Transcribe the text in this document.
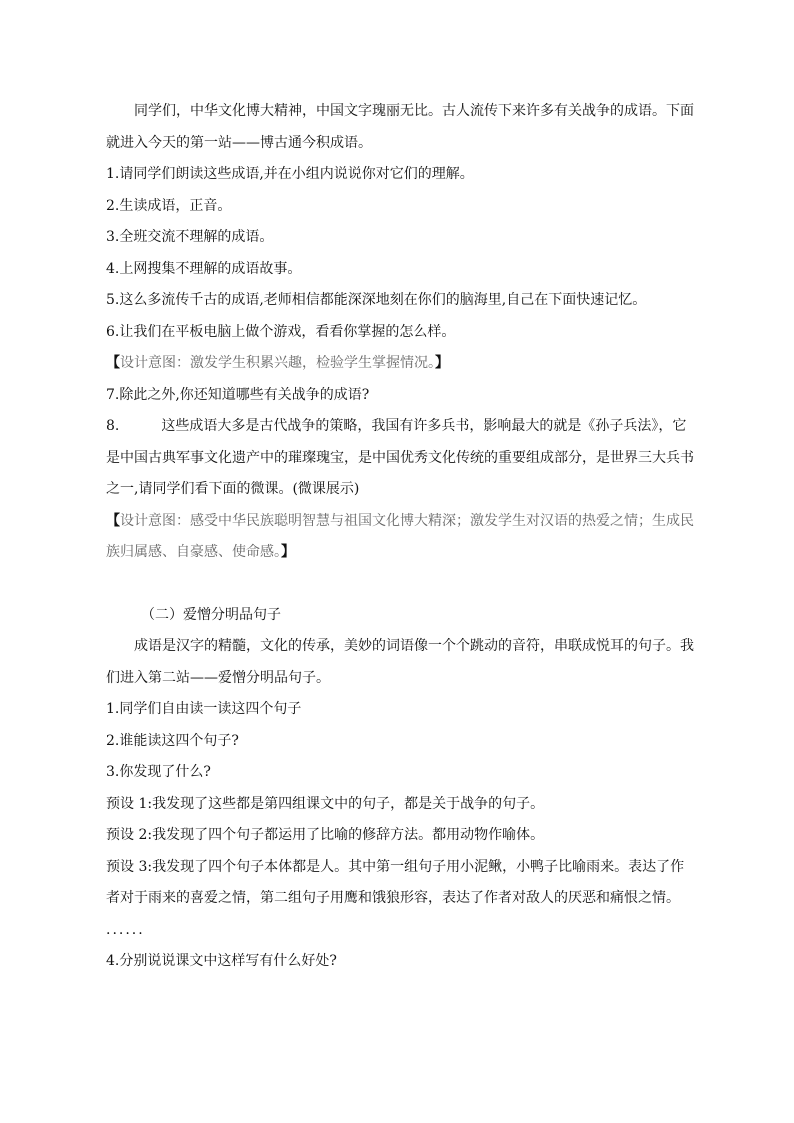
同学们，中华文化博大精神，中国文字瑰丽无比。古人流传下来许多有关战争的成语。下面就进入今天的第一站——博古通今积成语。

1.请同学们朗读这些成语,并在小组内说说你对它们的理解。

2.生读成语，正音。

3.全班交流不理解的成语。

4.上网搜集不理解的成语故事。

5.这么多流传千古的成语,老师相信都能深深地刻在你们的脑海里,自己在下面快速记忆。

6.让我们在平板电脑上做个游戏，看看你掌握的怎么样。

【设计意图：激发学生积累兴趣，检验学生掌握情况。】

7.除此之外,你还知道哪些有关战争的成语?

8.	这些成语大多是古代战争的策略，我国有许多兵书，影响最大的就是《孙子兵法》，它是中国古典军事文化遗产中的璀璨瑰宝，是中国优秀文化传统的重要组成部分，是世界三大兵书之一,请同学们看下面的微课。(微课展示)

【设计意图：感受中华民族聪明智慧与祖国文化博大精深；激发学生对汉语的热爱之情；生成民族归属感、自豪感、使命感。】

（二）爱憎分明品句子

成语是汉字的精髓，文化的传承，美妙的词语像一个个跳动的音符，串联成悦耳的句子。我们进入第二站——爱憎分明品句子。

1.同学们自由读一读这四个句子

2.谁能读这四个句子?

3.你发现了什么?

预设 1:我发现了这些都是第四组课文中的句子，都是关于战争的句子。

预设 2:我发现了四个句子都运用了比喻的修辞方法。都用动物作喻体。

预设 3:我发现了四个句子本体都是人。其中第一组句子用小泥鳅，小鸭子比喻雨来。表达了作者对于雨来的喜爱之情，第二组句子用鹰和饿狼形容，表达了作者对敌人的厌恶和痛恨之情。

......

4.分别说说课文中这样写有什么好处?
